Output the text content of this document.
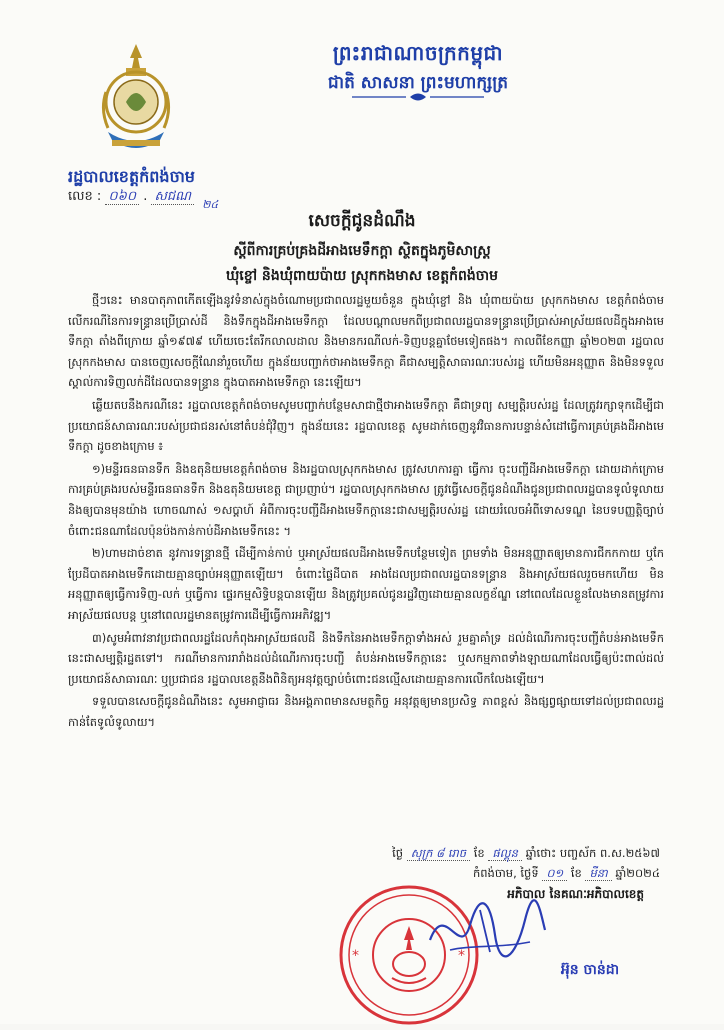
ព្រះរាជាណាចក្រកម្ពុជា
ជាតិ សាសនា ព្រះមហាក្សត្រ
រដ្ឋបាលខេត្តកំពង់ចាម
លេខ : ០៦០ . សជណ ២៤
សេចក្តីជូនដំណឹង
ស្តីពីការគ្រប់គ្រងដីអាងមេទឹកក្តា ស្ថិតក្នុងភូមិសាស្ត្រ
ឃុំខ្ចៅ និងឃុំពាយប៉ាយ ស្រុកកងមាស ខេត្តកំពង់ចាម

ថ្មីៗនេះ មានបាតុភាពកើតឡើងនូវទំនាស់ក្នុងចំណោមប្រជាពលរដ្ឋមួយចំនួន ក្នុងឃុំខ្ចៅ និង ឃុំពាយប៉ាយ ស្រុកកងមាស ខេត្តកំពង់ចាម លើករណីនៃការទន្ទ្រានប្រើប្រាស់ដី និងទឹកក្នុងដីអាងមេទឹកក្តា ដែលបណ្តាលមកពីប្រជាពលរដ្ឋបានទន្ទ្រានប្រើប្រាស់អាស្រ័យផលដីក្នុងអាងមេទឹកក្តា តាំងពីក្រោយ ឆ្នាំ១៩៧៩ ហើយចេះតែរីកលាលដាល និងមានករណីលក់-ទិញបន្តគ្នាថែមទៀតផង។ កាលពីខែកញ្ញា ឆ្នាំ២០២៣ រដ្ឋបាលស្រុកកងមាស បានចេញសេចក្តីណែនាំរួចហើយ ក្នុងន័យបញ្ជាក់ថាអាងមេទឹកក្តា គឺជាសម្បត្តិសាធារណៈរបស់រដ្ឋ ហើយមិនអនុញ្ញាត និងមិនទទួលស្គាល់ការទិញលក់ដីដែលបានទន្ទ្រាន ក្នុងបាតអាងមេទឹកក្តា នេះឡើយ។

ឆ្លើយតបនឹងករណីនេះ រដ្ឋបាលខេត្តកំពង់ចាមសូមបញ្ជាក់បន្ថែមសាជាថ្មីថាអាងមេទឹកក្តា គឺជាទ្រព្យ សម្បត្តិរបស់រដ្ឋ ដែលត្រូវរក្សាទុកដើម្បីជាប្រយោជន៍សាធារណៈរបស់ប្រជាជនរស់នៅតំបន់ជុំវិញ។ ក្នុងន័យនេះ រដ្ឋបាលខេត្ត សូមដាក់ចេញនូវវិធានការបន្ទាន់សំដៅធ្វើការគ្រប់គ្រងដីអាងមេទឹកក្តា ដូចខាងក្រោម ៖

១)មន្ទីរធនធានទឹក និងឧតុនិយមខេត្តកំពង់ចាម និងរដ្ឋបាលស្រុកកងមាស ត្រូវសហការគ្នា ធ្វើការ ចុះបញ្ជីដីអាងមេទឹកក្តា ដោយដាក់ក្រោមការគ្រប់គ្រងរបស់មន្ទីរធនធានទឹក និងឧតុនិយមខេត្ត ជាប្រញាប់។ រដ្ឋបាលស្រុកកងមាស ត្រូវធ្វើសេចក្តីជូនដំណឹងជូនប្រជាពលរដ្ឋបានទូលំទូលាយ និងឲ្យបានមុនយ៉ាង ហោចណាស់ ១សប្តាហ៍ អំពីការចុះបញ្ជីដីអាងមេទឹកក្តានេះជាសម្បត្តិរបស់រដ្ឋ ដោយរំលេចអំពីទោសទណ្ឌ នៃបទបញ្ញត្តិច្បាប់ចំពោះជនណាដែលប៉ុនប៉ងកាន់កាប់ដីអាងមេទឹកនេះ ។

២)ហាមដាច់ខាត នូវការទន្ទ្រានថ្មី ដើម្បីកាន់កាប់ ឬអាស្រ័យផលដីអាងមេទឹកបន្ថែមទៀត ព្រមទាំង មិនអនុញ្ញាតឲ្យមានការជីកកកាយ ឬកែប្រែដីបាតអាងមេទឹកដោយគ្មានច្បាប់អនុញ្ញាតឡើយ។ ចំពោះផ្ទៃដីបាត អាងដែលប្រជាពលរដ្ឋបានទន្ទ្រាន និងអាស្រ័យផលរួចមកហើយ មិនអនុញ្ញាតឲ្យធ្វើការទិញ-លក់ ឬធ្វើការ ផ្ទេរកម្មសិទ្ធិបន្តបានឡើយ និងត្រូវប្រគល់ជូនរដ្ឋវិញដោយគ្មានលក្ខខ័ណ្ឌ នៅពេលដែលខ្លួនលែងមានតម្រូវការ អាស្រ័យផលបន្ត ឬនៅពេលរដ្ឋមានតម្រូវការដើម្បីធ្វើការអភិវឌ្ឍ។

៣)សូមអំពាវនាវប្រជាពលរដ្ឋដែលកំពុងអាស្រ័យផលដី និងទឹកនៃអាងមេទឹកក្តាទាំងអស់ រួមគ្នាគាំទ្រ ដល់ដំណើរការចុះបញ្ជីតំបន់អាងមេទឹកនេះជាសម្បត្តិរដ្ឋតទៅ។ ករណីមានការរារាំងដល់ដំណើរការចុះបញ្ជី តំបន់អាងមេទឹកក្តានេះ ឬសកម្មភាពទាំងឡាយណាដែលធ្វើឲ្យប៉ះពាល់ដល់ប្រយោជន៍សាធារណៈ ឬប្រជាជន រដ្ឋបាលខេត្តនឹងពិនិត្យអនុវត្តច្បាប់ចំពោះជនល្មើសដោយគ្មានការលើកលែងឡើយ។

ទទួលបានសេចក្តីជូនដំណឹងនេះ សូមអាជ្ញាធរ និងអង្គភាពមានសមត្ថកិច្ច អនុវត្តឲ្យមានប្រសិទ្ធ ភាពខ្ពស់ និងផ្សព្វផ្សាយទៅដល់ប្រជាពលរដ្ឋកាន់តែទូលំទូលាយ។

ថ្ងៃ សុក្រ ៨ រោច ខែ ផល្គុន ឆ្នាំថោះ បញ្ចស័ក ព.ស.២៥៦៧
កំពង់ចាម, ថ្ងៃទី ០១ ខែ មីនា ឆ្នាំ២០២៤
អភិបាល នៃគណៈអភិបាលខេត្ត
*	*
អ៊ុន ចាន់ដា
